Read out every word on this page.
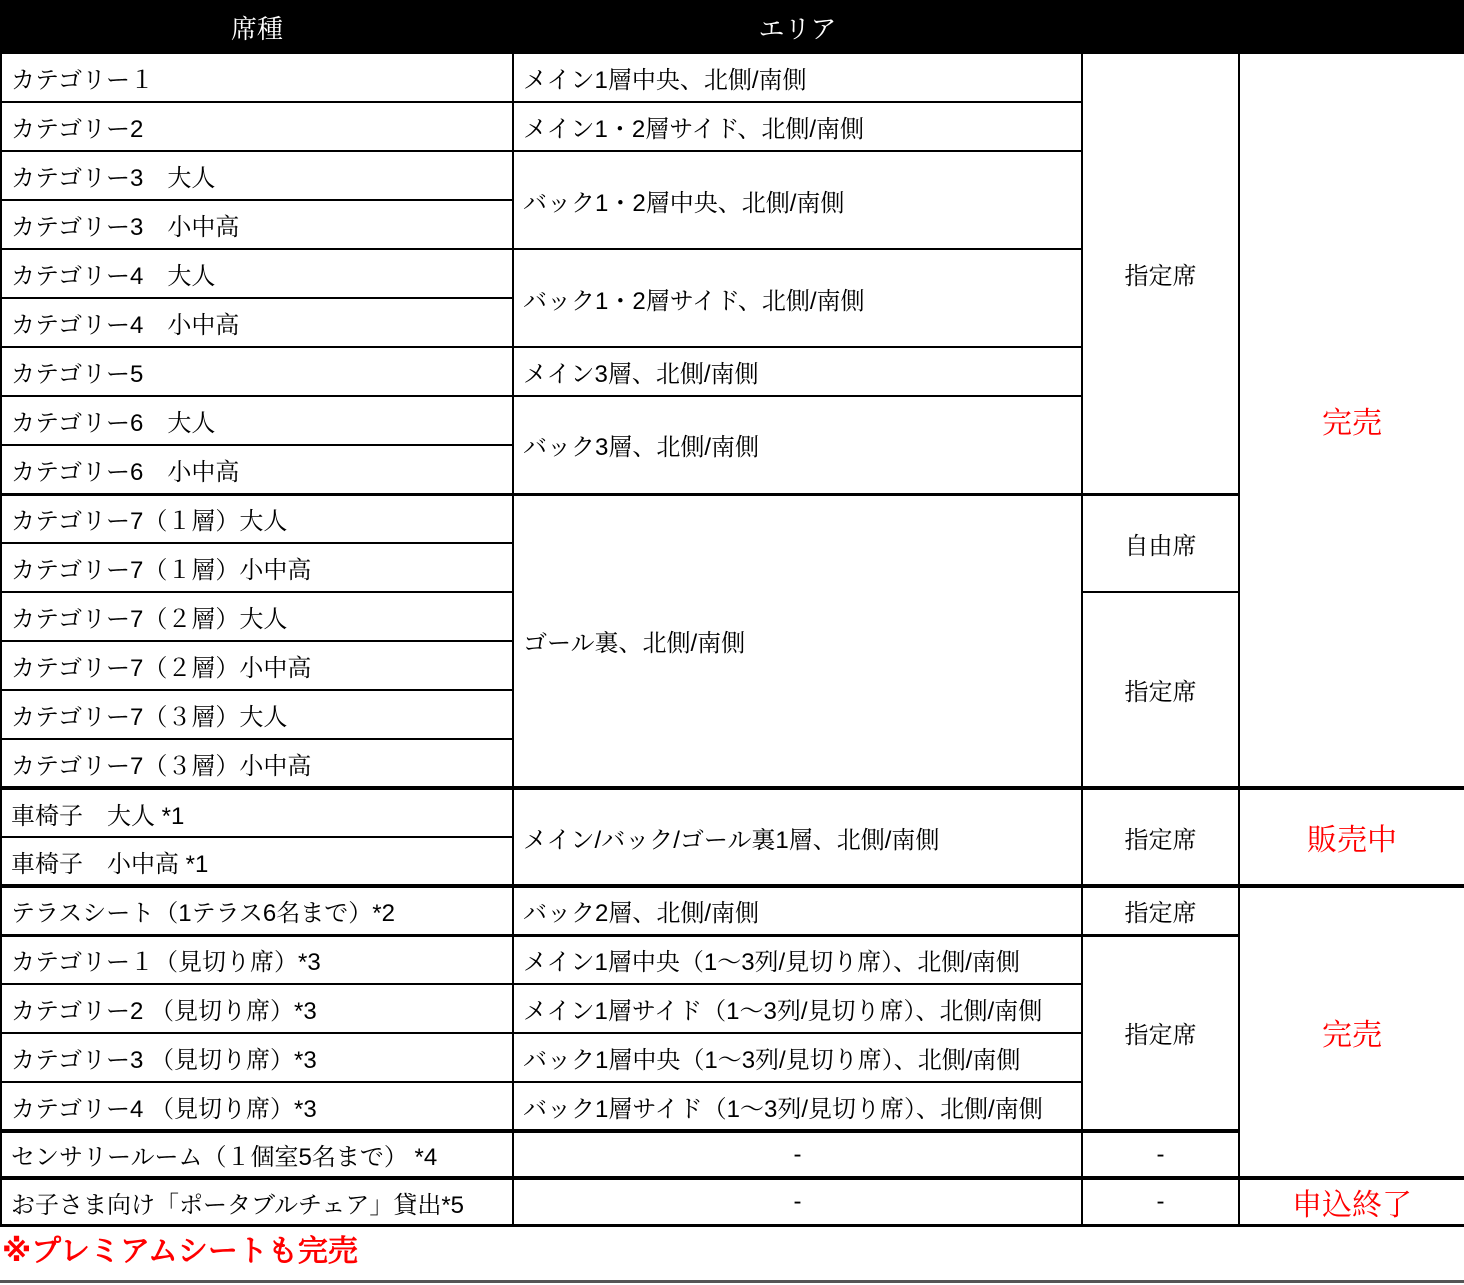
席種	エリア		
カテゴリー１	メイン1層中央、北側/南側	指定席	完売
カテゴリー2	メイン1・2層サイド、北側/南側		
カテゴリー3　大人	バック1・2層中央、北側/南側		
カテゴリー3　小中高			
カテゴリー4　大人	バック1・2層サイド、北側/南側		
カテゴリー4　小中高			
カテゴリー5	メイン3層、北側/南側		
カテゴリー6　大人	バック3層、北側/南側		
カテゴリー6　小中高			
カテゴリー7（１層）大人	ゴール裏、北側/南側	自由席	
カテゴリー7（１層）小中高			
カテゴリー7（２層）大人		指定席	
カテゴリー7（２層）小中高			
カテゴリー7（３層）大人			
カテゴリー7（３層）小中高			
車椅子　大人 *1	メイン/バック/ゴール裏1層、北側/南側	指定席	販売中
車椅子　小中高 *1			
テラスシート（1テラス6名まで）*2	バック2層、北側/南側	指定席	完売
カテゴリー１（見切り席）*3	メイン1層中央（1～3列/見切り席）、北側/南側	指定席	
カテゴリー2 （見切り席）*3	メイン1層サイド（1～3列/見切り席）、北側/南側		
カテゴリー3 （見切り席）*3	バック1層中央（1～3列/見切り席）、北側/南側		
カテゴリー4 （見切り席）*3	バック1層サイド（1～3列/見切り席）、北側/南側		
センサリールーム（１個室5名まで） *4	-	-	
お子さま向け「ポータブルチェア」貸出*5	-	-	申込終了
※プレミアムシートも完売
